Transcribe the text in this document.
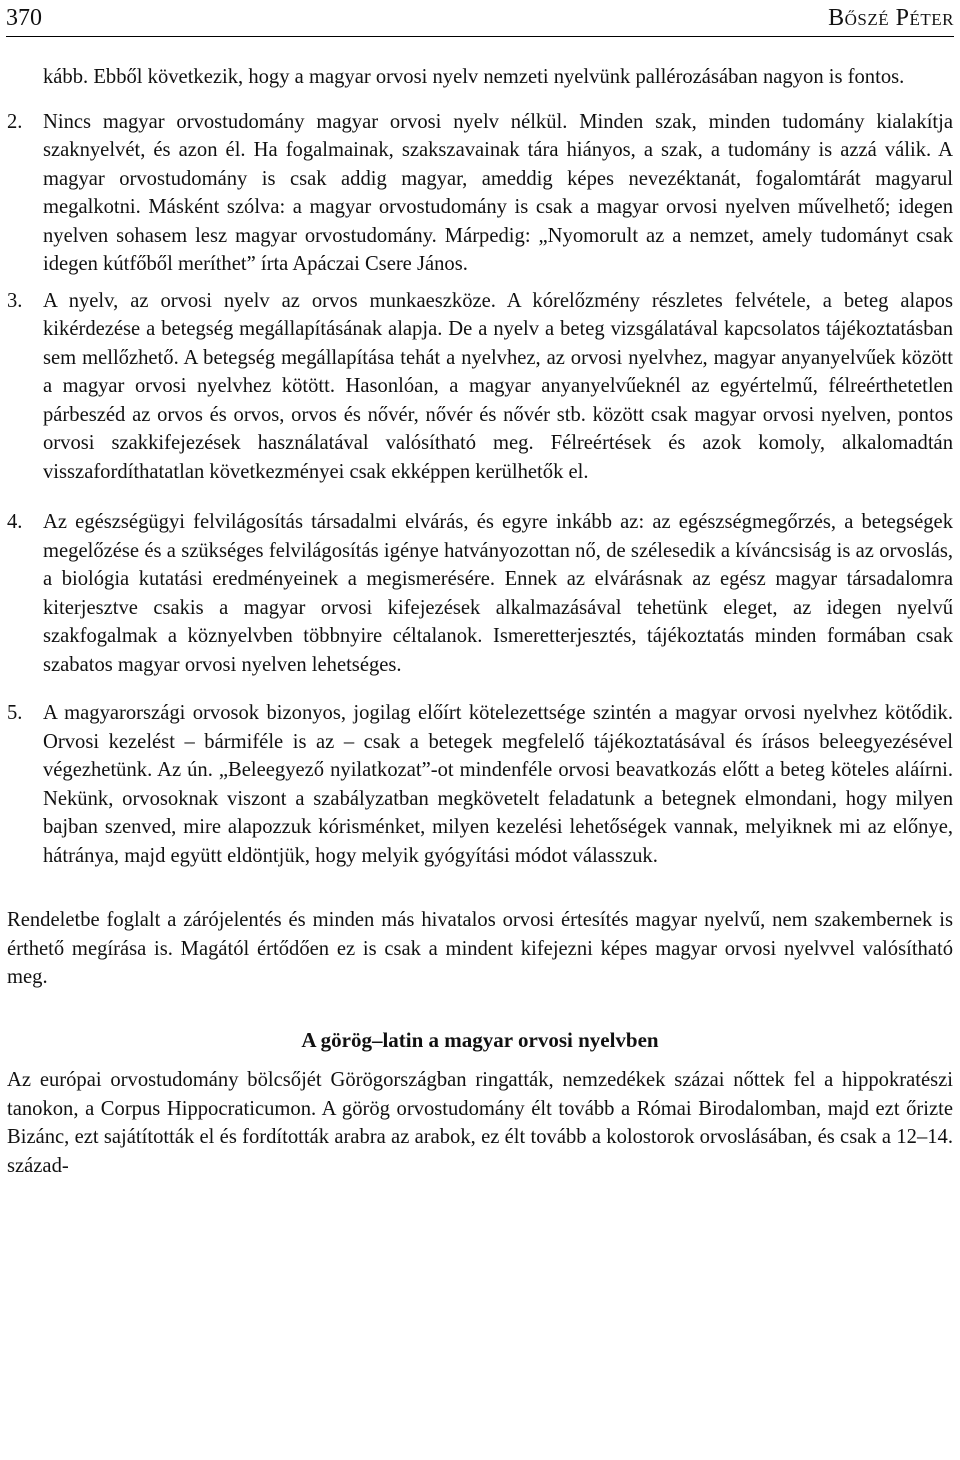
370	Bőszé Péter

kább. Ebből következik, hogy a magyar orvosi nyelv nemzeti nyelvünk pallérozásában nagyon is fontos.

2. Nincs magyar orvostudomány magyar orvosi nyelv nélkül. Minden szak, minden tudomány kialakítja szaknyelvét, és azon él. Ha fogalmainak, szakszavainak tára hiányos, a szak, a tudomány is azzá válik. A magyar orvostudomány is csak addig magyar, ameddig képes nevezéktanát, fogalomtárát magyarul megalkotni. Másként szólva: a magyar orvostudomány is csak a magyar orvosi nyelven művelhető; idegen nyelven sohasem lesz magyar orvostudomány. Márpedig: „Nyomorult az a nemzet, amely tudományt csak idegen kútfőből meríthet” írta Apáczai Csere János.

3. A nyelv, az orvosi nyelv az orvos munkaeszköze. A kórelőzmény részletes felvétele, a beteg alapos kikérdezése a betegség megállapításának alapja. De a nyelv a beteg vizsgálatával kapcsolatos tájékoztatásban sem mellőzhető. A betegség megállapítása tehát a nyelvhez, az orvosi nyelvhez, magyar anyanyelvűek között a magyar orvosi nyelvhez kötött. Hasonlóan, a magyar anyanyelvűeknél az egyértelmű, félreérthetetlen párbeszéd az orvos és orvos, orvos és nővér, nővér és nővér stb. között csak magyar orvosi nyelven, pontos orvosi szakkifejezések használatával valósítható meg. Félreértések és azok komoly, alkalomadtán visszafordíthatatlan következményei csak ekképpen kerülhetők el.

4. Az egészségügyi felvilágosítás társadalmi elvárás, és egyre inkább az: az egészségmegőrzés, a betegségek megelőzése és a szükséges felvilágosítás igénye hatványozottan nő, de szélesedik a kíváncsiság is az orvoslás, a biológia kutatási eredményeinek a megismerésére. Ennek az elvárásnak az egész magyar társadalomra kiterjesztve csakis a magyar orvosi kifejezések alkalmazásával tehetünk eleget, az idegen nyelvű szakfogalmak a köznyelvben többnyire céltalanok. Ismeretterjesztés, tájékoztatás minden formában csak szabatos magyar orvosi nyelven lehetséges.

5. A magyarországi orvosok bizonyos, jogilag előírt kötelezettsége szintén a magyar orvosi nyelvhez kötődik. Orvosi kezelést – bármiféle is az – csak a betegek megfelelő tájékoztatásával és írásos beleegyezésével végezhetünk. Az ún. „Beleegyező nyilatkozat”-ot mindenféle orvosi beavatkozás előtt a beteg köteles aláírni. Nekünk, orvosoknak viszont a szabályzatban megkövetelt feladatunk a betegnek elmondani, hogy milyen bajban szenved, mire alapozzuk kórisménket, milyen kezelési lehetőségek vannak, melyiknek mi az előnye, hátránya, majd együtt eldöntjük, hogy melyik gyógyítási módot válasszuk.

Rendeletbe foglalt a zárójelentés és minden más hivatalos orvosi értesítés magyar nyelvű, nem szakembernek is érthető megírása is. Magától értődően ez is csak a mindent kifejezni képes magyar orvosi nyelvvel valósítható meg.

A görög–latin a magyar orvosi nyelvben

Az európai orvostudomány bölcsőjét Görögországban ringatták, nemzedékek százai nőttek fel a hippokratészi tanokon, a Corpus Hippocraticumon. A görög orvostudomány élt tovább a Római Birodalomban, majd ezt őrizte Bizánc, ezt sajátították el és fordították arabra az arabok, ez élt tovább a kolostorok orvoslásában, és csak a 12–14. század-
